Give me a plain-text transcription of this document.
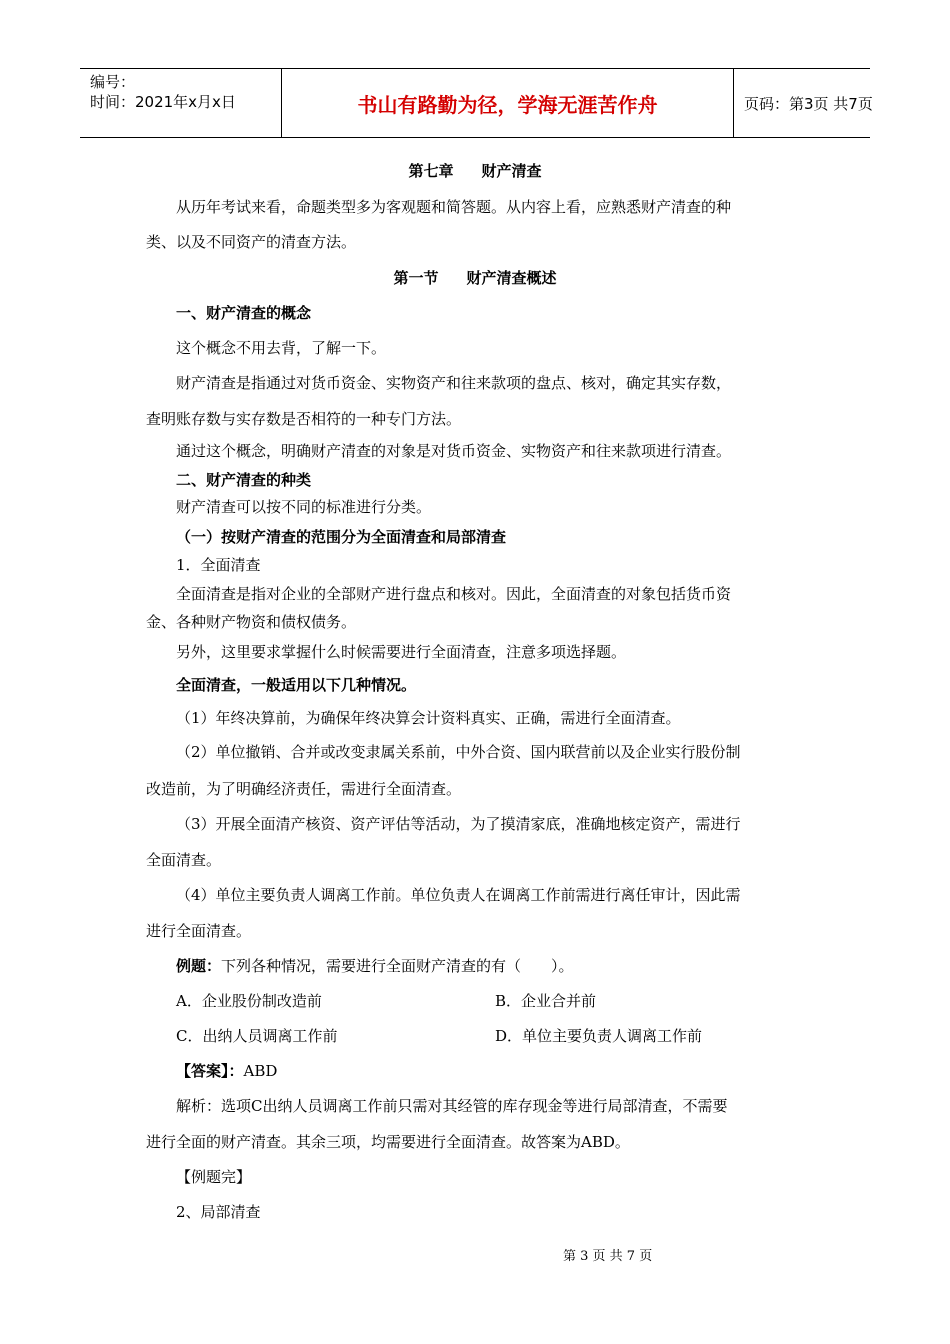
编号：
时间：2021年x月x日	书山有路勤为径，学海无涯苦作舟	页码：第3页 共7页
第七章 财产清查
从历年考试来看，命题类型多为客观题和简答题。从内容上看，应熟悉财产清查的种
类、以及不同资产的清查方法。
第一节 财产清查概述
一、财产清查的概念
这个概念不用去背，了解一下。
财产清查是指通过对货币资金、实物资产和往来款项的盘点、核对，确定其实存数，
查明账存数与实存数是否相符的一种专门方法。
通过这个概念，明确财产清查的对象是对货币资金、实物资产和往来款项进行清查。
二、财产清查的种类
财产清查可以按不同的标准进行分类。
（一）按财产清查的范围分为全面清查和局部清查
1．全面清查
全面清查是指对企业的全部财产进行盘点和核对。因此，全面清查的对象包括货币资
金、各种财产物资和债权债务。
另外，这里要求掌握什么时候需要进行全面清查，注意多项选择题。
全面清查，一般适用以下几种情况。
（1）年终决算前，为确保年终决算会计资料真实、正确，需进行全面清查。
（2）单位撤销、合并或改变隶属关系前，中外合资、国内联营前以及企业实行股份制
改造前，为了明确经济责任，需进行全面清查。
（3）开展全面清产核资、资产评估等活动，为了摸清家底，准确地核定资产，需进行
全面清查。
（4）单位主要负责人调离工作前。单位负责人在调离工作前需进行离任审计，因此需
进行全面清查。
例题：下列各种情况，需要进行全面财产清查的有（　　）。
A．企业股份制改造前	B．企业合并前
C．出纳人员调离工作前	D．单位主要负责人调离工作前
【答案】：ABD
解析：选项C出纳人员调离工作前只需对其经管的库存现金等进行局部清查，不需要
进行全面的财产清查。其余三项，均需要进行全面清查。故答案为ABD。
【例题完】
2、局部清查
第 3 页 共 7 页
